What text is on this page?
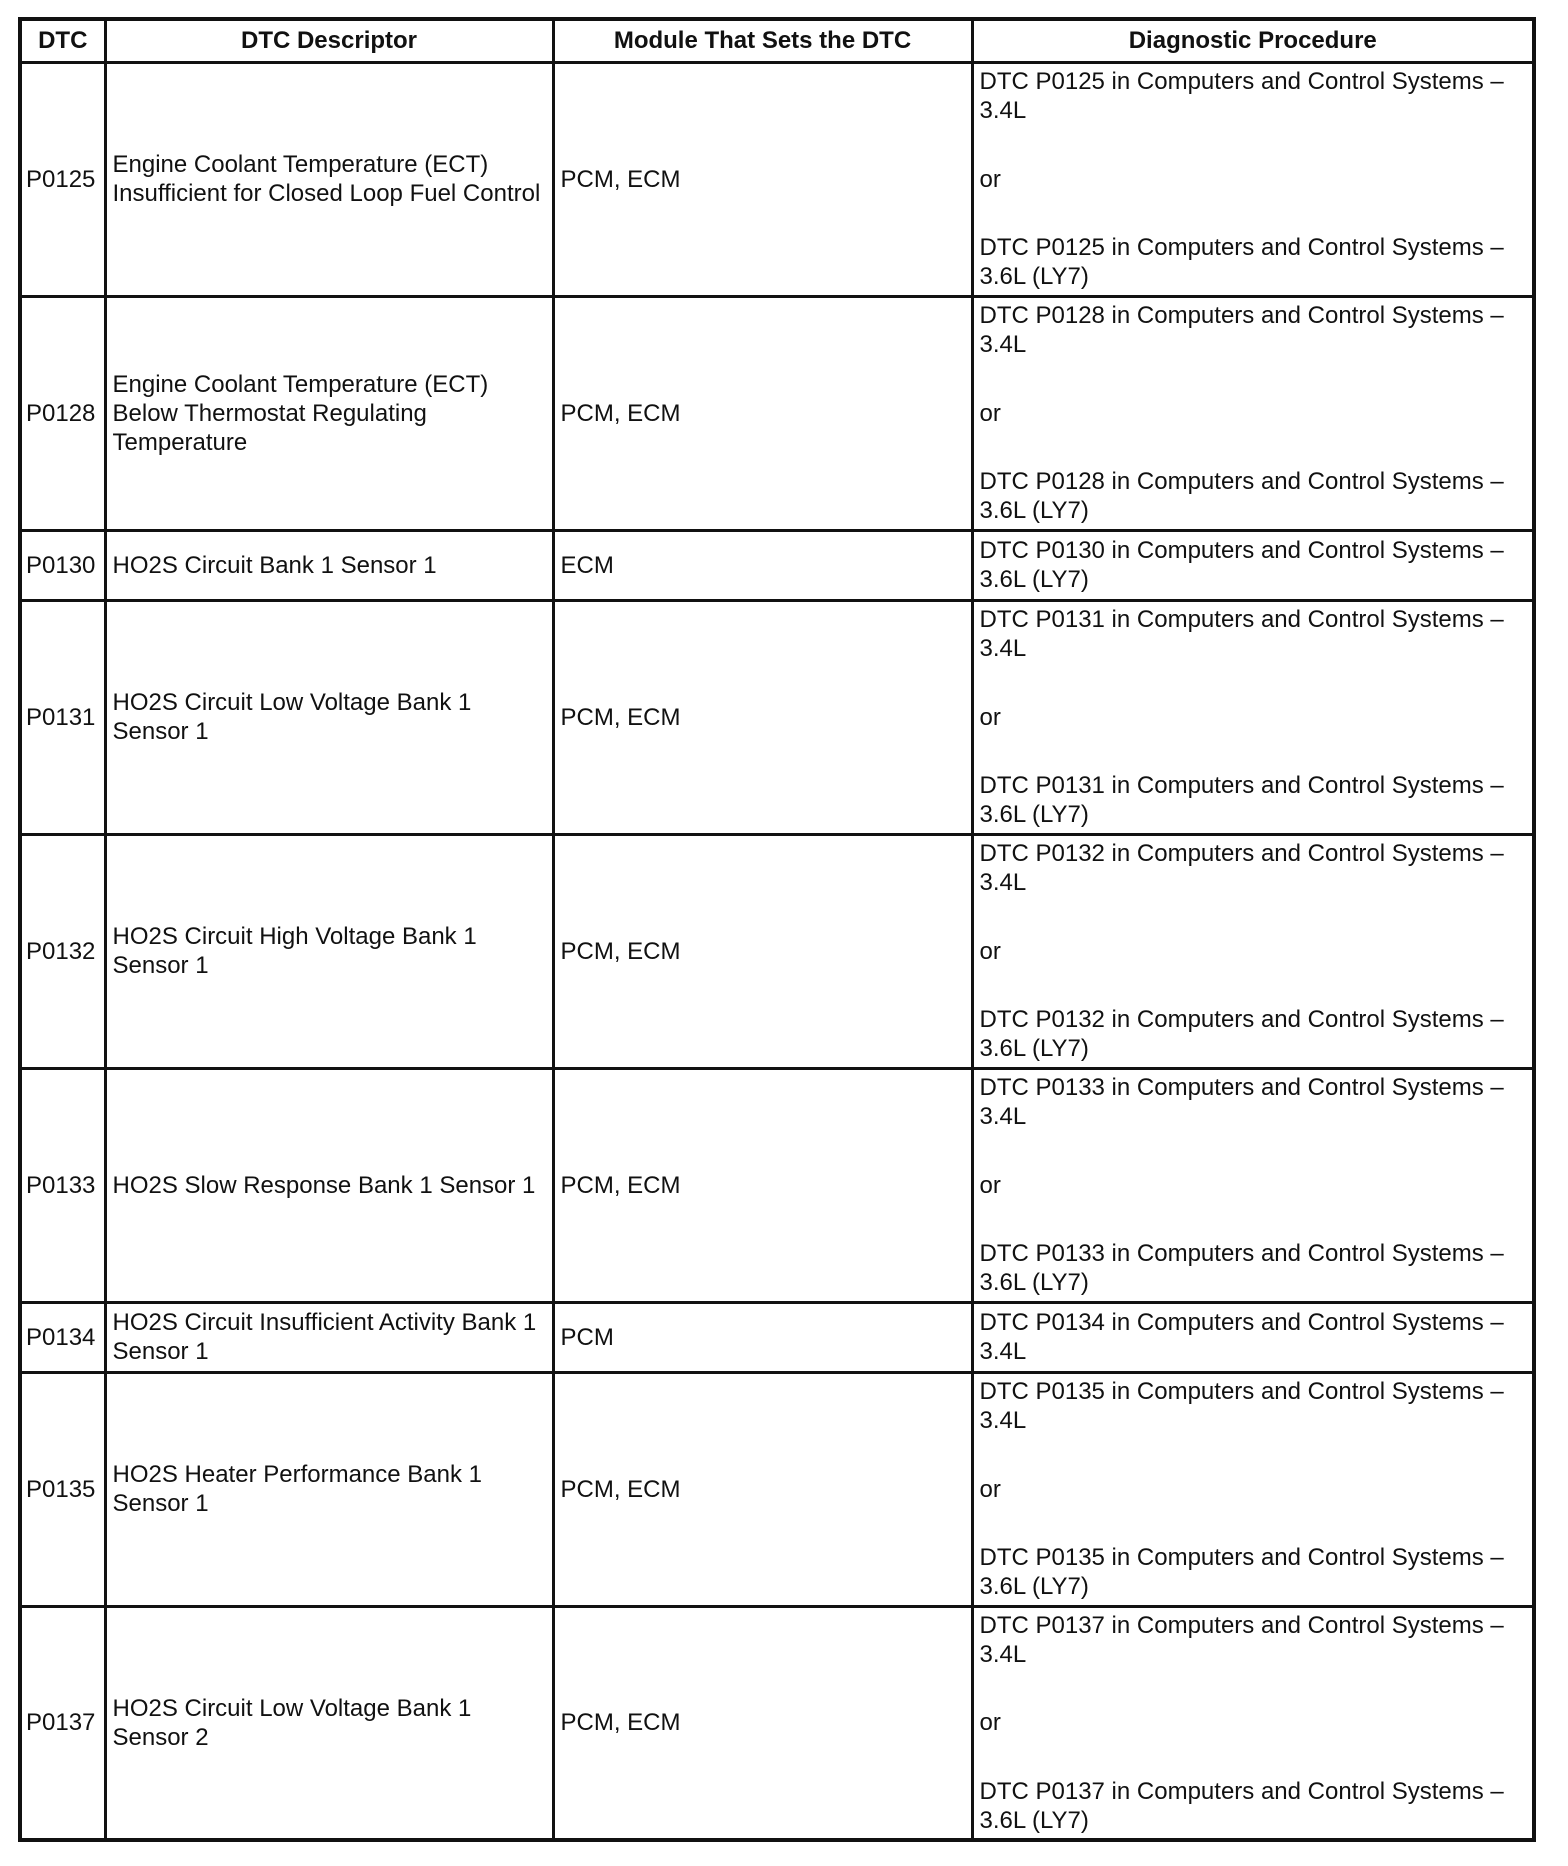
DTC	DTC Descriptor	Module That Sets the DTC	Diagnostic Procedure
P0125	Engine Coolant Temperature (ECT) Insufficient for Closed Loop Fuel Control	PCM, ECM	DTC P0125 in Computers and Control Systems – 3.4L
or
DTC P0125 in Computers and Control Systems – 3.6L (LY7)

P0128	Engine Coolant Temperature (ECT) Below Thermostat Regulating Temperature	PCM, ECM	DTC P0128 in Computers and Control Systems – 3.4L
or
DTC P0128 in Computers and Control Systems – 3.6L (LY7)

P0130	HO2S Circuit Bank 1 Sensor 1	ECM	DTC P0130 in Computers and Control Systems – 3.6L (LY7)

P0131	HO2S Circuit Low Voltage Bank 1 Sensor 1	PCM, ECM	DTC P0131 in Computers and Control Systems – 3.4L
or
DTC P0131 in Computers and Control Systems – 3.6L (LY7)

P0132	HO2S Circuit High Voltage Bank 1 Sensor 1	PCM, ECM	DTC P0132 in Computers and Control Systems – 3.4L
or
DTC P0132 in Computers and Control Systems – 3.6L (LY7)

P0133	HO2S Slow Response Bank 1 Sensor 1	PCM, ECM	DTC P0133 in Computers and Control Systems – 3.4L
or
DTC P0133 in Computers and Control Systems – 3.6L (LY7)

P0134	HO2S Circuit Insufficient Activity Bank 1 Sensor 1	PCM	DTC P0134 in Computers and Control Systems – 3.4L

P0135	HO2S Heater Performance Bank 1 Sensor 1	PCM, ECM	DTC P0135 in Computers and Control Systems – 3.4L
or
DTC P0135 in Computers and Control Systems – 3.6L (LY7)

P0137	HO2S Circuit Low Voltage Bank 1 Sensor 2	PCM, ECM	DTC P0137 in Computers and Control Systems – 3.4L
or
DTC P0137 in Computers and Control Systems – 3.6L (LY7)
